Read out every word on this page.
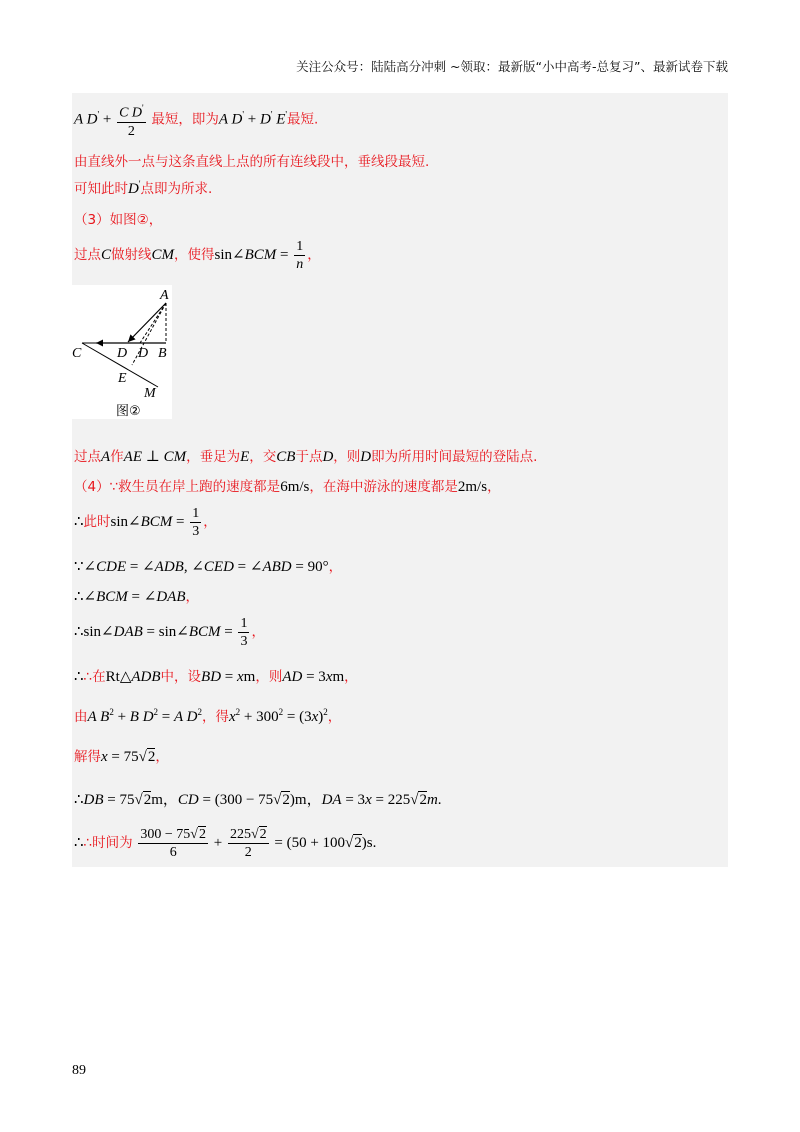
关注公众号：陆陆高分冲刺 ~领取：最新版“小中高考-总复习”、最新试卷下载
A $D' + \frac{C D'}{2}$ 最短，即为A D' + D' E'最短.
由直线外一点与这条直线上点的所有连线段中，垂线段最短.
可知此时D'点即为所求.
（3）如图②，
过点C做射线CM，使得sin∠BCM = $\frac{1}{n}$ ，
A
C	D D B
E
M
图②
过点A作AE ⊥ CM，垂足为E，交CB于点D，则D即为所用时间最短的登陆点.
（4）∵救生员在岸上跑的速度都是6m/s，在海中游泳的速度都是2m/s，
∴此时sin∠BCM = $\frac{1}{3}$ ，
∵∠CDE = ∠ADB, ∠CED = ∠ABD = 90°，
∴∠BCM = ∠DAB，
∴sin∠DAB = sin∠BCM = $\frac{1}{3}$ ，
∴∴在Rt△ADB中，设BD = xm，则AD = 3xm，
由A $B^2 + B$ $D^2 = A$ $D^2$，得$x^2 + 300^2 = (3x)^2$，
解得x = 75√2，
∴DB = 75√2m，CD = (300 − 75√2)m，DA = 3x = 225√2m.
∴∴时间为 $\frac{300 - 75√2}{6} + \frac{225√2}{2} = (50 + 100√2)s$.
89
